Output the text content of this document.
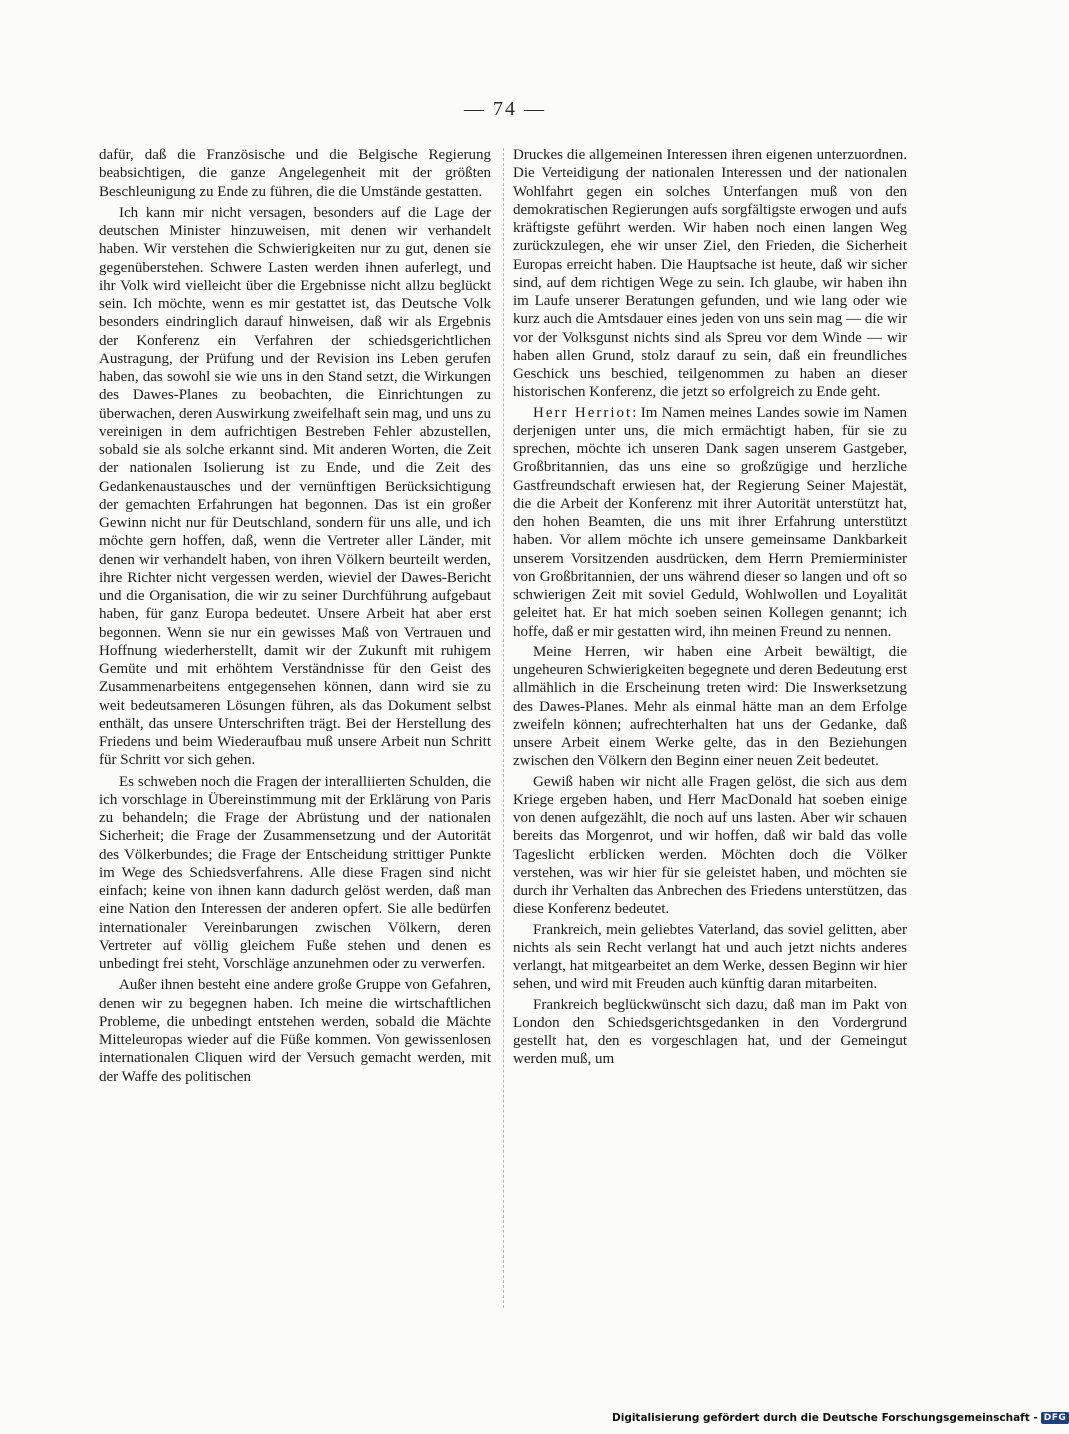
— 74 —

dafür, daß die Französische und die Belgische Regierung beabsichtigen, die ganze Angelegenheit mit der größten Beschleunigung zu Ende zu führen, die die Umstände gestatten.

Ich kann mir nicht versagen, besonders auf die Lage der deutschen Minister hinzuweisen, mit denen wir verhandelt haben. Wir verstehen die Schwierigkeiten nur zu gut, denen sie gegenüberstehen. Schwere Lasten werden ihnen auferlegt, und ihr Volk wird vielleicht über die Ergebnisse nicht allzu beglückt sein. Ich möchte, wenn es mir gestattet ist, das Deutsche Volk besonders eindringlich darauf hinweisen, daß wir als Ergebnis der Konferenz ein Verfahren der schiedsgerichtlichen Austragung, der Prüfung und der Revision ins Leben gerufen haben, das sowohl sie wie uns in den Stand setzt, die Wirkungen des Dawes-Planes zu beobachten, die Einrichtungen zu überwachen, deren Auswirkung zweifelhaft sein mag, und uns zu vereinigen in dem aufrichtigen Bestreben Fehler abzustellen, sobald sie als solche erkannt sind. Mit anderen Worten, die Zeit der nationalen Isolierung ist zu Ende, und die Zeit des Gedankenaustausches und der vernünftigen Berücksichtigung der gemachten Erfahrungen hat begonnen. Das ist ein großer Gewinn nicht nur für Deutschland, sondern für uns alle, und ich möchte gern hoffen, daß, wenn die Vertreter aller Länder, mit denen wir verhandelt haben, von ihren Völkern beurteilt werden, ihre Richter nicht vergessen werden, wieviel der Dawes-Bericht und die Organisation, die wir zu seiner Durchführung aufgebaut haben, für ganz Europa bedeutet. Unsere Arbeit hat aber erst begonnen. Wenn sie nur ein gewisses Maß von Vertrauen und Hoffnung wiederherstellt, damit wir der Zukunft mit ruhigem Gemüte und mit erhöhtem Verständnisse für den Geist des Zusammenarbeitens entgegensehen können, dann wird sie zu weit bedeutsameren Lösungen führen, als das Dokument selbst enthält, das unsere Unterschriften trägt. Bei der Herstellung des Friedens und beim Wiederaufbau muß unsere Arbeit nun Schritt für Schritt vor sich gehen.

Es schweben noch die Fragen der interalliierten Schulden, die ich vorschlage in Übereinstimmung mit der Erklärung von Paris zu behandeln; die Frage der Abrüstung und der nationalen Sicherheit; die Frage der Zusammensetzung und der Autorität des Völkerbundes; die Frage der Entscheidung strittiger Punkte im Wege des Schiedsverfahrens. Alle diese Fragen sind nicht einfach; keine von ihnen kann dadurch gelöst werden, daß man eine Nation den Interessen der anderen opfert. Sie alle bedürfen internationaler Vereinbarungen zwischen Völkern, deren Vertreter auf völlig gleichem Fuße stehen und denen es unbedingt frei steht, Vorschläge anzunehmen oder zu verwerfen.

Außer ihnen besteht eine andere große Gruppe von Gefahren, denen wir zu begegnen haben. Ich meine die wirtschaftlichen Probleme, die unbedingt entstehen werden, sobald die Mächte Mitteleuropas wieder auf die Füße kommen. Von gewissenlosen internationalen Cliquen wird der Versuch gemacht werden, mit der Waffe des politischen

Druckes die allgemeinen Interessen ihren eigenen unterzuordnen. Die Verteidigung der nationalen Interessen und der nationalen Wohlfahrt gegen ein solches Unterfangen muß von den demokratischen Regierungen aufs sorgfältigste erwogen und aufs kräftigste geführt werden. Wir haben noch einen langen Weg zurückzulegen, ehe wir unser Ziel, den Frieden, die Sicherheit Europas erreicht haben. Die Hauptsache ist heute, daß wir sicher sind, auf dem richtigen Wege zu sein. Ich glaube, wir haben ihn im Laufe unserer Beratungen gefunden, und wie lang oder wie kurz auch die Amtsdauer eines jeden von uns sein mag — die wir vor der Volksgunst nichts sind als Spreu vor dem Winde — wir haben allen Grund, stolz darauf zu sein, daß ein freundliches Geschick uns beschied, teilgenommen zu haben an dieser historischen Konferenz, die jetzt so erfolgreich zu Ende geht.

Herr Herriot: Im Namen meines Landes sowie im Namen derjenigen unter uns, die mich ermächtigt haben, für sie zu sprechen, möchte ich unseren Dank sagen unserem Gastgeber, Großbritannien, das uns eine so großzügige und herzliche Gastfreundschaft erwiesen hat, der Regierung Seiner Majestät, die die Arbeit der Konferenz mit ihrer Autorität unterstützt hat, den hohen Beamten, die uns mit ihrer Erfahrung unterstützt haben. Vor allem möchte ich unsere gemeinsame Dankbarkeit unserem Vorsitzenden ausdrücken, dem Herrn Premierminister von Großbritannien, der uns während dieser so langen und oft so schwierigen Zeit mit soviel Geduld, Wohlwollen und Loyalität geleitet hat. Er hat mich soeben seinen Kollegen genannt; ich hoffe, daß er mir gestatten wird, ihn meinen Freund zu nennen.

Meine Herren, wir haben eine Arbeit bewältigt, die ungeheuren Schwierigkeiten begegnete und deren Bedeutung erst allmählich in die Erscheinung treten wird: Die Inswerksetzung des Dawes-Planes. Mehr als einmal hätte man an dem Erfolge zweifeln können; aufrechterhalten hat uns der Gedanke, daß unsere Arbeit einem Werke gelte, das in den Beziehungen zwischen den Völkern den Beginn einer neuen Zeit bedeutet.

Gewiß haben wir nicht alle Fragen gelöst, die sich aus dem Kriege ergeben haben, und Herr MacDonald hat soeben einige von denen aufgezählt, die noch auf uns lasten. Aber wir schauen bereits das Morgenrot, und wir hoffen, daß wir bald das volle Tageslicht erblicken werden. Möchten doch die Völker verstehen, was wir hier für sie geleistet haben, und möchten sie durch ihr Verhalten das Anbrechen des Friedens unterstützen, das diese Konferenz bedeutet.

Frankreich, mein geliebtes Vaterland, das soviel gelitten, aber nichts als sein Recht verlangt hat und auch jetzt nichts anderes verlangt, hat mitgearbeitet an dem Werke, dessen Beginn wir hier sehen, und wird mit Freuden auch künftig daran mitarbeiten.

Frankreich beglückwünscht sich dazu, daß man im Pakt von London den Schiedsgerichtsgedanken in den Vordergrund gestellt hat, den es vorgeschlagen hat, und der Gemeingut werden muß, um

Digitalisierung gefördert durch die Deutsche Forschungsgemeinschaft - DFG
